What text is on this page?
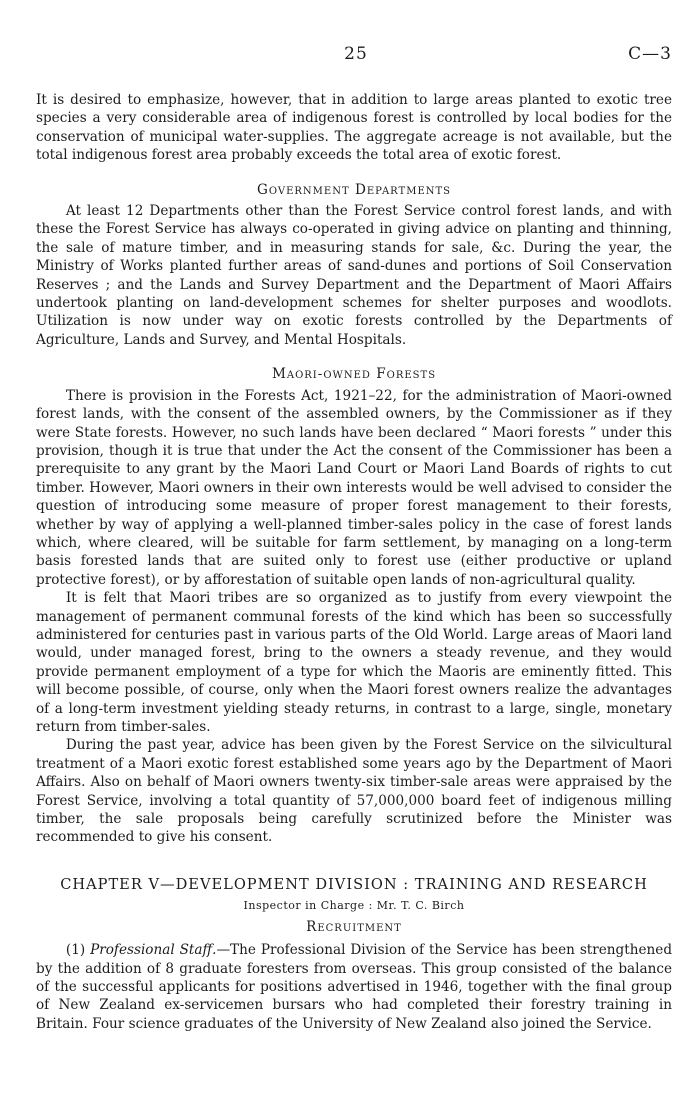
25	C—3

It is desired to emphasize, however, that in addition to large areas planted to exotic tree species a very considerable area of indigenous forest is controlled by local bodies for the conservation of municipal water-supplies. The aggregate acreage is not available, but the total indigenous forest area probably exceeds the total area of exotic forest.

Government Departments

At least 12 Departments other than the Forest Service control forest lands, and with these the Forest Service has always co-operated in giving advice on planting and thinning, the sale of mature timber, and in measuring stands for sale, &c. During the year, the Ministry of Works planted further areas of sand-dunes and portions of Soil Conservation Reserves ; and the Lands and Survey Department and the Department of Maori Affairs undertook planting on land-development schemes for shelter purposes and woodlots. Utilization is now under way on exotic forests controlled by the Departments of Agriculture, Lands and Survey, and Mental Hospitals.

Maori-owned Forests

There is provision in the Forests Act, 1921–22, for the administration of Maori-owned forest lands, with the consent of the assembled owners, by the Commissioner as if they were State forests. However, no such lands have been declared “ Maori forests ” under this provision, though it is true that under the Act the consent of the Commissioner has been a prerequisite to any grant by the Maori Land Court or Maori Land Boards of rights to cut timber. However, Maori owners in their own interests would be well advised to consider the question of introducing some measure of proper forest management to their forests, whether by way of applying a well-planned timber-sales policy in the case of forest lands which, where cleared, will be suitable for farm settlement, by managing on a long-term basis forested lands that are suited only to forest use (either productive or upland protective forest), or by afforestation of suitable open lands of non-agricultural quality.

It is felt that Maori tribes are so organized as to justify from every viewpoint the management of permanent communal forests of the kind which has been so successfully administered for centuries past in various parts of the Old World. Large areas of Maori land would, under managed forest, bring to the owners a steady revenue, and they would provide permanent employment of a type for which the Maoris are eminently fitted. This will become possible, of course, only when the Maori forest owners realize the advantages of a long-term investment yielding steady returns, in contrast to a large, single, monetary return from timber-sales.

During the past year, advice has been given by the Forest Service on the silvicultural treatment of a Maori exotic forest established some years ago by the Department of Maori Affairs. Also on behalf of Maori owners twenty-six timber-sale areas were appraised by the Forest Service, involving a total quantity of 57,000,000 board feet of indigenous milling timber, the sale proposals being carefully scrutinized before the Minister was recommended to give his consent.

CHAPTER V—DEVELOPMENT DIVISION : TRAINING AND RESEARCH
Inspector in Charge : Mr. T. C. Birch
Recruitment

(1) Professional Staff.—The Professional Division of the Service has been strengthened by the addition of 8 graduate foresters from overseas. This group consisted of the balance of the successful applicants for positions advertised in 1946, together with the final group of New Zealand ex-servicemen bursars who had completed their forestry training in Britain. Four science graduates of the University of New Zealand also joined the Service.
